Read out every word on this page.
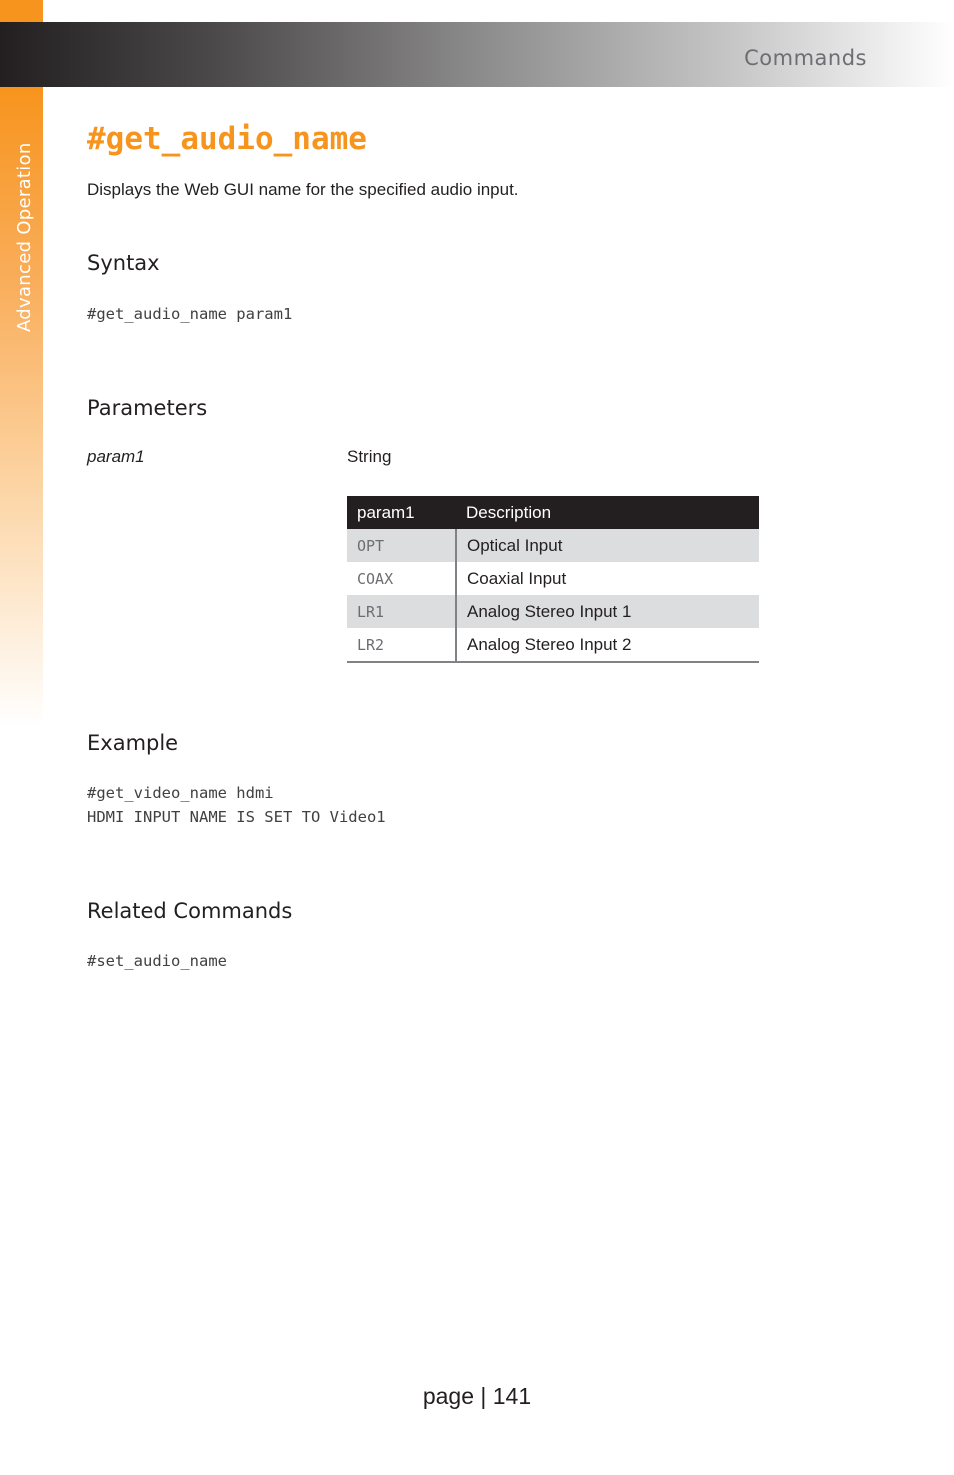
Commands
Advanced Operation
#get_audio_name
Displays the Web GUI name for the specified audio input.
Syntax
#get_audio_name param1
Parameters
param1	String
param1	Description
OPT	Optical Input
COAX	Coaxial Input
LR1	Analog Stereo Input 1
LR2	Analog Stereo Input 2
Example
#get_video_name hdmi
HDMI INPUT NAME IS SET TO Video1
Related Commands
#set_audio_name
page | 141
